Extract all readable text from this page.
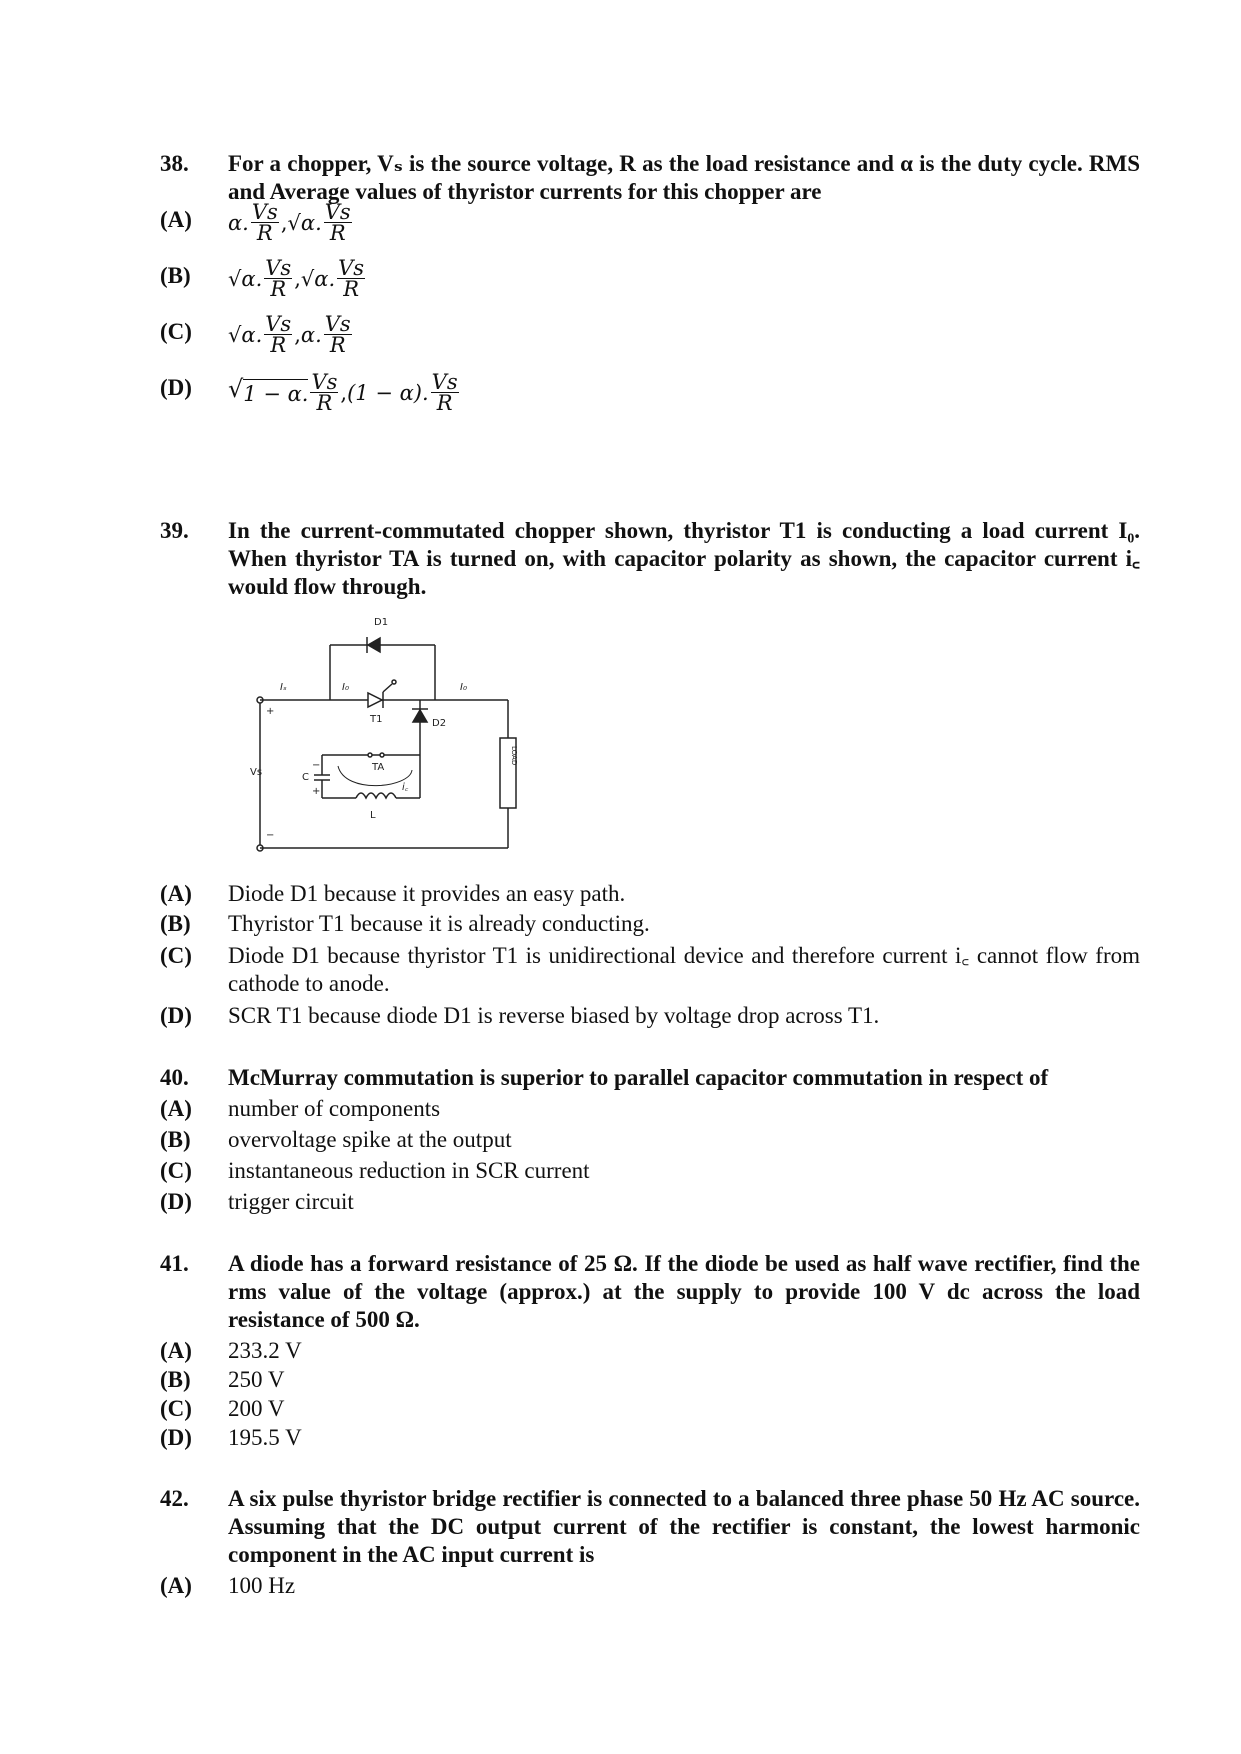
38. For a chopper, Vₛ is the source voltage, R as the load resistance and α is the duty cycle. RMS and Average values of thyristor currents for this chopper are
(A) α. $\frac{Vs}{R}$ , √α. $\frac{Vs}{R}$
(B) √α. $\frac{Vs}{R}$ , √α. $\frac{Vs}{R}$
(C) √α. $\frac{Vs}{R}$ , α. $\frac{Vs}{R}$
(D) √ 1 − α. $\frac{Vs}{R}$ , (1 − α). $\frac{Vs}{R}$
39. In the current-commutated chopper shown, thyristor T1 is conducting a load current I₀. When thyristor TA is turned on, with capacitor polarity as shown, the capacitor current i꜀ would flow through.
D1
T1	D2
TA
C
L
Vs
Iₛ	I₀	I₀
i꜀
+
−
+
−
LOAD
(A) Diode D1 because it provides an easy path.
(B) Thyristor T1 because it is already conducting.
(C) Diode D1 because thyristor T1 is unidirectional device and therefore current i꜀ cannot flow from cathode to anode.
(D) SCR T1 because diode D1 is reverse biased by voltage drop across T1.
40. McMurray commutation is superior to parallel capacitor commutation in respect of
(A) number of components
(B) overvoltage spike at the output
(C) instantaneous reduction in SCR current
(D) trigger circuit
41. A diode has a forward resistance of 25 Ω. If the diode be used as half wave rectifier, find the rms value of the voltage (approx.) at the supply to provide 100 V dc across the load resistance of 500 Ω.
(A) 233.2 V
(B) 250 V
(C) 200 V
(D) 195.5 V
42. A six pulse thyristor bridge rectifier is connected to a balanced three phase 50 Hz AC source. Assuming that the DC output current of the rectifier is constant, the lowest harmonic component in the AC input current is
(A) 100 Hz
